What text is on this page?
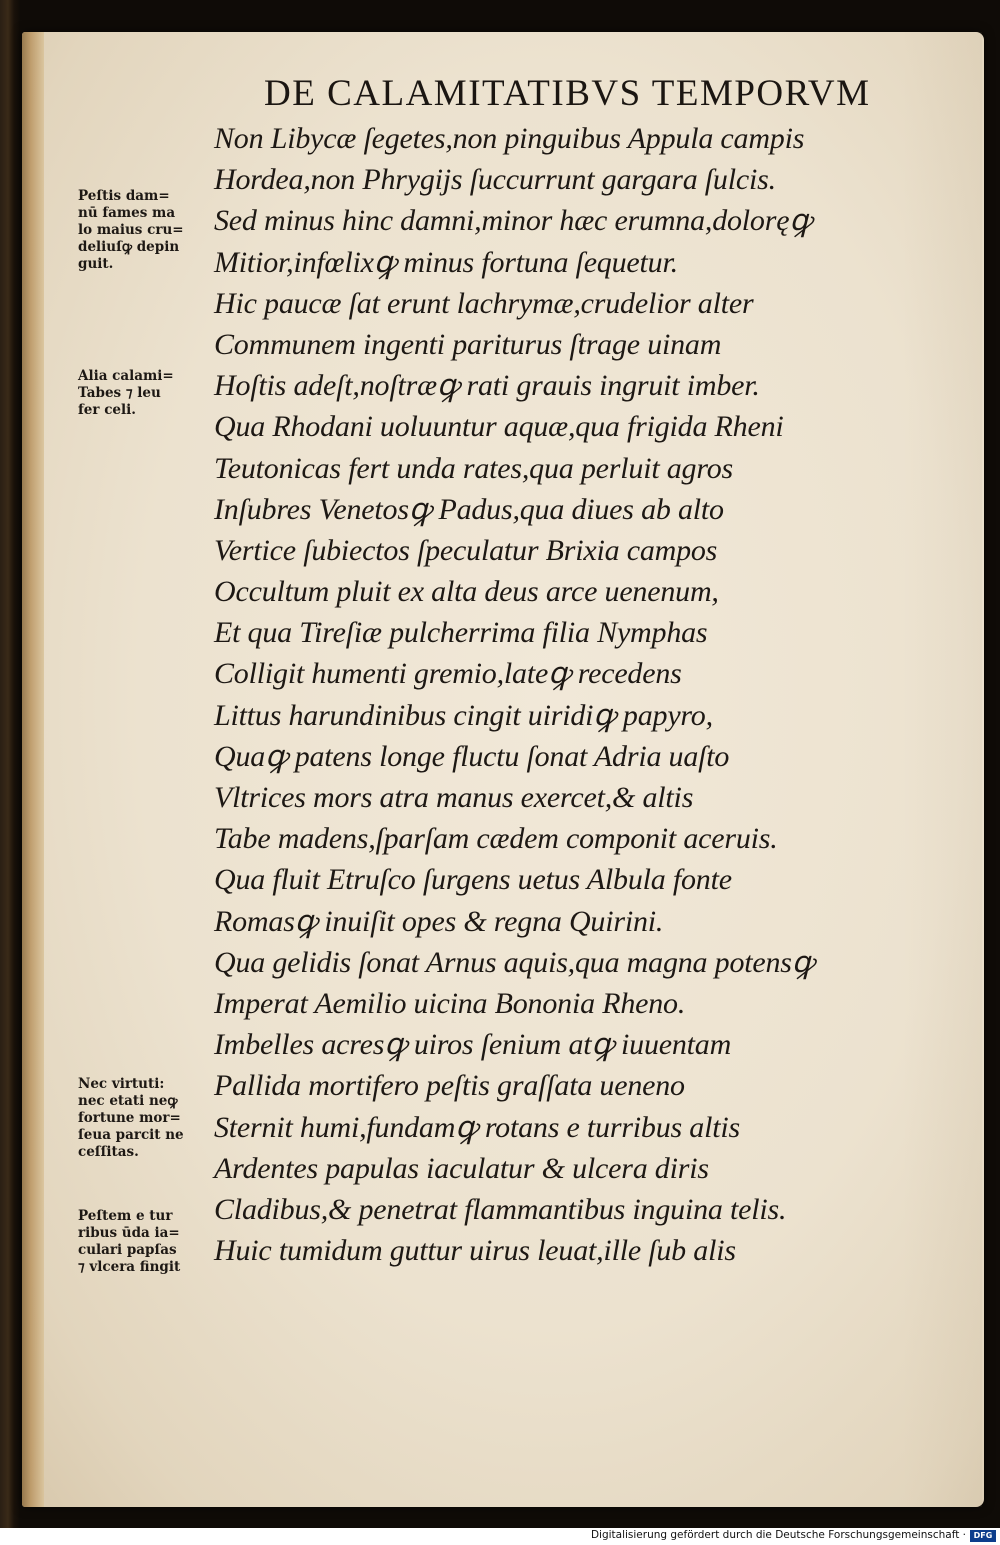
DE CALAMITATIBVS TEMPORVM
Non Libycæ ſegetes,non pinguibus Appula campis
Hordea,non Phrygijs ſuccurrunt gargara ſulcis.
Sed minus hinc damni,minor hæc erumna,doloręꝙ
Mitior,infœlixꝙ minus fortuna ſequetur.
Hic paucæ ſat erunt lachrymæ,crudelior alter
Communem ingenti pariturus ſtrage uinam
Hoſtis adeſt,noſtræꝙ rati grauis ingruit imber.
Qua Rhodani uoluuntur aquæ,qua frigida Rheni
Teutonicas fert unda rates,qua perluit agros
Inſubres Venetosꝙ Padus,qua diues ab alto
Vertice ſubiectos ſpeculatur Brixia campos
Occultum pluit ex alta deus arce uenenum,
Et qua Tireſiæ pulcherrima filia Nymphas
Colligit humenti gremio,lateꝙ recedens
Littus harundinibus cingit uiridiꝙ papyro,
Quaꝙ patens longe fluctu ſonat Adria uaſto
Vltrices mors atra manus exercet,& altis
Tabe madens,ſparſam cædem componit aceruis.
Qua fluit Etruſco ſurgens uetus Albula fonte
Romasꝙ inuiſit opes & regna Quirini.
Qua gelidis ſonat Arnus aquis,qua magna potensꝙ
Imperat Aemilio uicina Bononia Rheno.
Imbelles acresꝙ uiros ſenium atꝙ iuuentam
Pallida mortifero peſtis graſſata ueneno
Sternit humi,fundamꝙ rotans e turribus altis
Ardentes papulas iaculatur & ulcera diris
Cladibus,& penetrat flammantibus inguina telis.
Huic tumidum guttur uirus leuat,ille ſub alis
Peſtis dam=
nū fames ma
lo maius cru=
deliuſꝙ depin
guit.
Alia calami=
Tabes ⁊ leu
fer celi.
Nec virtuti:
nec etati neꝙ
fortune mor=
ſeua parcit ne
ceſſitas.
Peſtem e tur
ribus ūda ia=
culari papſas
⁊ vlcera fingit
Digitalisierung gefördert durch die Deutsche Forschungsgemeinschaft · DFG
